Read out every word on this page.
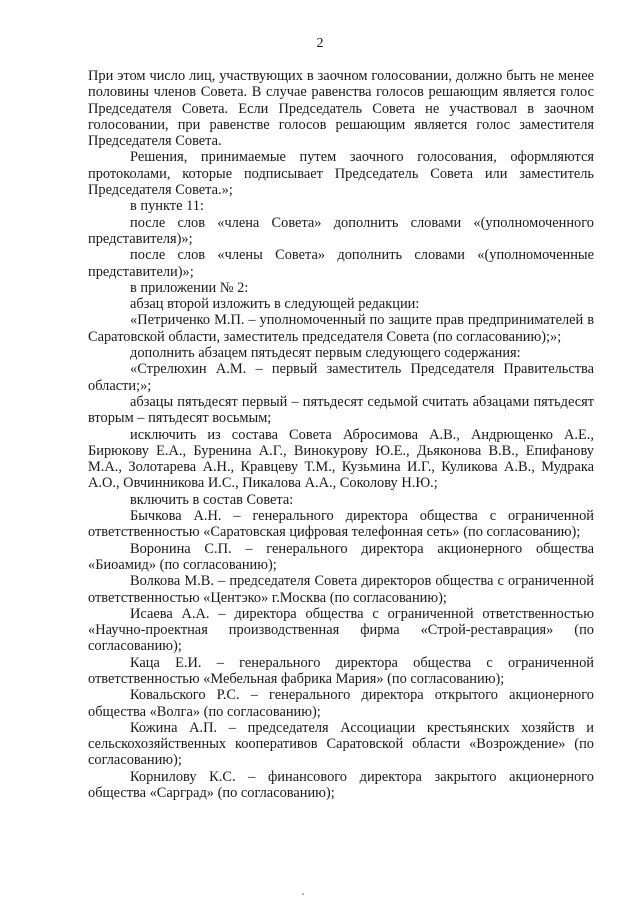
2

При этом число лиц, участвующих в заочном голосовании, должно быть не менее половины членов Совета. В случае равенства голосов решающим является голос Председателя Совета. Если Председатель Совета не участвовал в заочном голосовании, при равенстве голосов решающим является голос заместителя Председателя Совета.

Решения, принимаемые путем заочного голосования, оформляются протоколами, которые подписывает Председатель Совета или заместитель Председателя Совета.»;

в пункте 11:

после слов «члена Совета» дополнить словами «(уполномоченного представителя)»;

после слов «члены Совета» дополнить словами «(уполномоченные представители)»;

в приложении № 2:

абзац второй изложить в следующей редакции:

«Петриченко М.П. – уполномоченный по защите прав предпринимателей в Саратовской области, заместитель председателя Совета (по согласованию);»;

дополнить абзацем пятьдесят первым следующего содержания:

«Стрелюхин А.М. – первый заместитель Председателя Правительства области;»;

абзацы пятьдесят первый – пятьдесят седьмой считать абзацами пятьдесят вторым – пятьдесят восьмым;

исключить из состава Совета Абросимова А.В., Андрющенко А.Е., Бирюкову Е.А., Буренина А.Г., Винокурову Ю.Е., Дьяконова В.В., Епифанову М.А., Золотарева А.Н., Кравцеву Т.М., Кузьмина И.Г., Куликова А.В., Мудрака А.О., Овчинникова И.С., Пикалова А.А., Соколову Н.Ю.;

включить в состав Совета:

Бычкова А.Н. – генерального директора общества с ограниченной ответственностью «Саратовская цифровая телефонная сеть» (по согласованию);

Воронина С.П. – генерального директора акционерного общества «Биоамид» (по согласованию);

Волкова М.В. – председателя Совета директоров общества с ограниченной ответственностью «Центэко» г.Москва (по согласованию);

Исаева А.А. – директора общества с ограниченной ответственностью «Научно-проектная производственная фирма «Строй-реставрация» (по согласованию);

Каца Е.И. – генерального директора общества с ограниченной ответственностью «Мебельная фабрика Мария» (по согласованию);

Ковальского Р.С. – генерального директора открытого акционерного общества «Волга» (по согласованию);

Кожина А.П. – председателя Ассоциации крестьянских хозяйств и сельскохозяйственных кооперативов Саратовской области «Возрождение» (по согласованию);

Корнилову К.С. – финансового директора закрытого акционерного общества «Сарград» (по согласованию);
